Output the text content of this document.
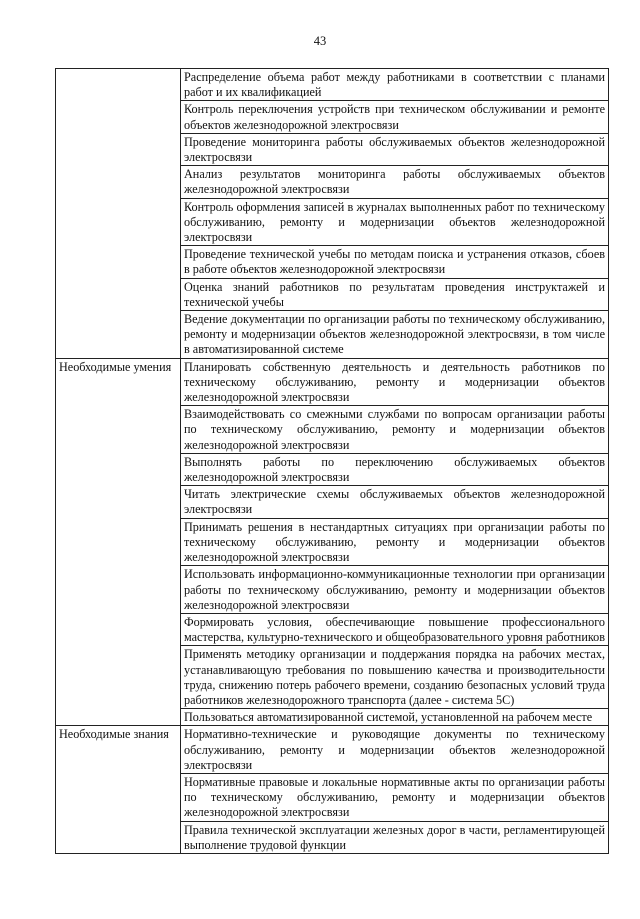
43
	Распределение объема работ между работниками в соответствии с планами работ и их квалификацией
	Контроль переключения устройств при техническом обслуживании и ремонте объектов железнодорожной электросвязи
	Проведение мониторинга работы обслуживаемых объектов железнодорожной электросвязи
	Анализ результатов мониторинга работы обслуживаемых объектов железнодорожной электросвязи
	Контроль оформления записей в журналах выполненных работ по техническому обслуживанию, ремонту и модернизации объектов железнодорожной электросвязи
	Проведение технической учебы по методам поиска и устранения отказов, сбоев в работе объектов железнодорожной электросвязи
	Оценка знаний работников по результатам проведения инструктажей и технической учебы
	Ведение документации по организации работы по техническому обслуживанию, ремонту и модернизации объектов железнодорожной электросвязи, в том числе в автоматизированной системе
Необходимые умения	Планировать собственную деятельность и деятельность работников по техническому обслуживанию, ремонту и модернизации объектов железнодорожной электросвязи
	Взаимодействовать со смежными службами по вопросам организации работы по техническому обслуживанию, ремонту и модернизации объектов железнодорожной электросвязи
	Выполнять работы по переключению обслуживаемых объектов железнодорожной электросвязи
	Читать электрические схемы обслуживаемых объектов железнодорожной электросвязи
	Принимать решения в нестандартных ситуациях при организации работы по техническому обслуживанию, ремонту и модернизации объектов железнодорожной электросвязи
	Использовать информационно-коммуникационные технологии при организации работы по техническому обслуживанию, ремонту и модернизации объектов железнодорожной электросвязи
	Формировать условия, обеспечивающие повышение профессионального мастерства, культурно-технического и общеобразовательного уровня работников
	Применять методику организации и поддержания порядка на рабочих местах, устанавливающую требования по повышению качества и производительности труда, снижению потерь рабочего времени, созданию безопасных условий труда работников железнодорожного транспорта (далее - система 5С)
	Пользоваться автоматизированной системой, установленной на рабочем месте
Необходимые знания	Нормативно-технические и руководящие документы по техническому обслуживанию, ремонту и модернизации объектов железнодорожной электросвязи
	Нормативные правовые и локальные нормативные акты по организации работы по техническому обслуживанию, ремонту и модернизации объектов железнодорожной электросвязи
	Правила технической эксплуатации железных дорог в части, регламентирующей выполнение трудовой функции
